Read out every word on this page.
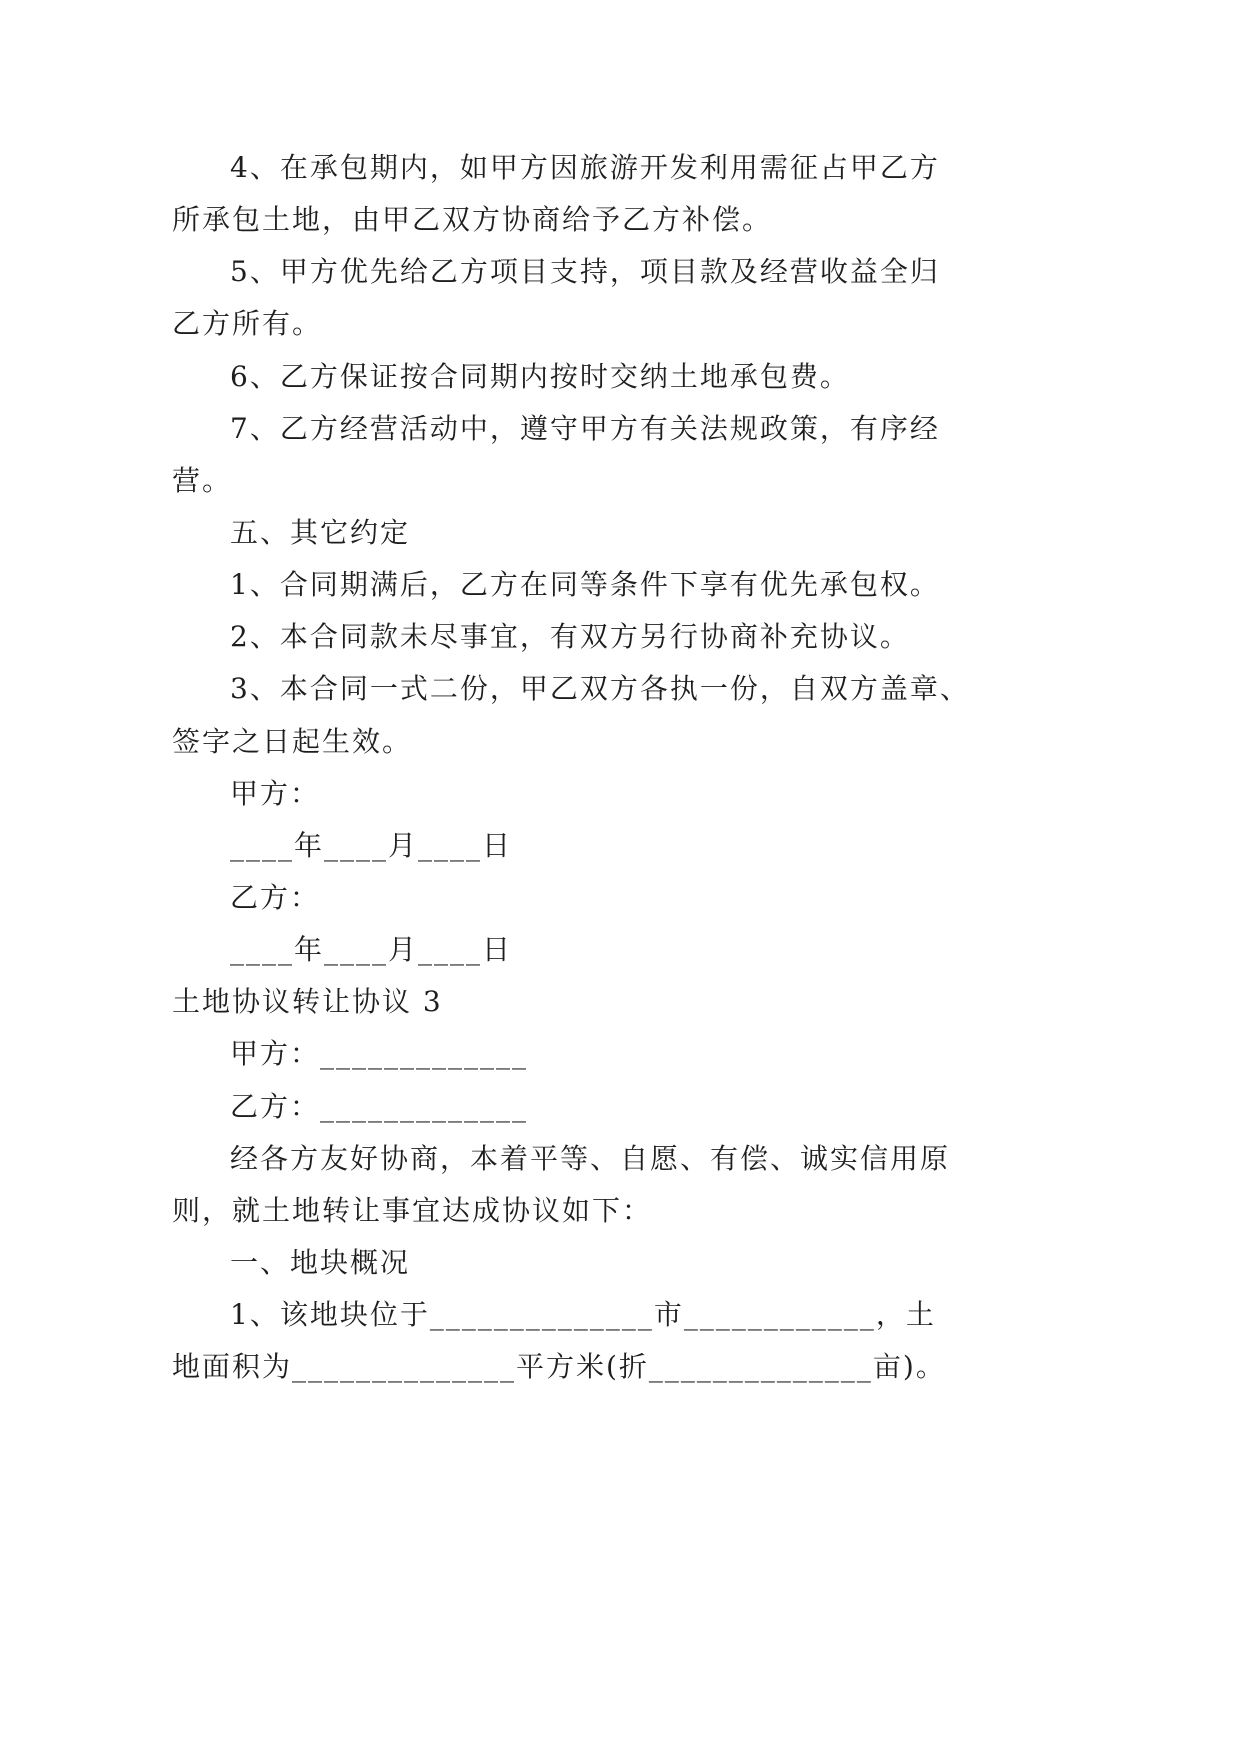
4、在承包期内，如甲方因旅游开发利用需征占甲乙方
所承包土地，由甲乙双方协商给予乙方补偿。
5、甲方优先给乙方项目支持，项目款及经营收益全归
乙方所有。
6、乙方保证按合同期内按时交纳土地承包费。
7、乙方经营活动中，遵守甲方有关法规政策，有序经
营。
五、其它约定
1、合同期满后，乙方在同等条件下享有优先承包权。
2、本合同款未尽事宜，有双方另行协商补充协议。
3、本合同一式二份，甲乙双方各执一份，自双方盖章、
签字之日起生效。
甲方：
____年____月____日
乙方：
____年____月____日
土地协议转让协议 3
甲方：_____________
乙方：_____________
经各方友好协商，本着平等、自愿、有偿、诚实信用原
则，就土地转让事宜达成协议如下：
一、地块概况
1、该地块位于______________市____________，土
地面积为______________平方米(折______________亩)。
